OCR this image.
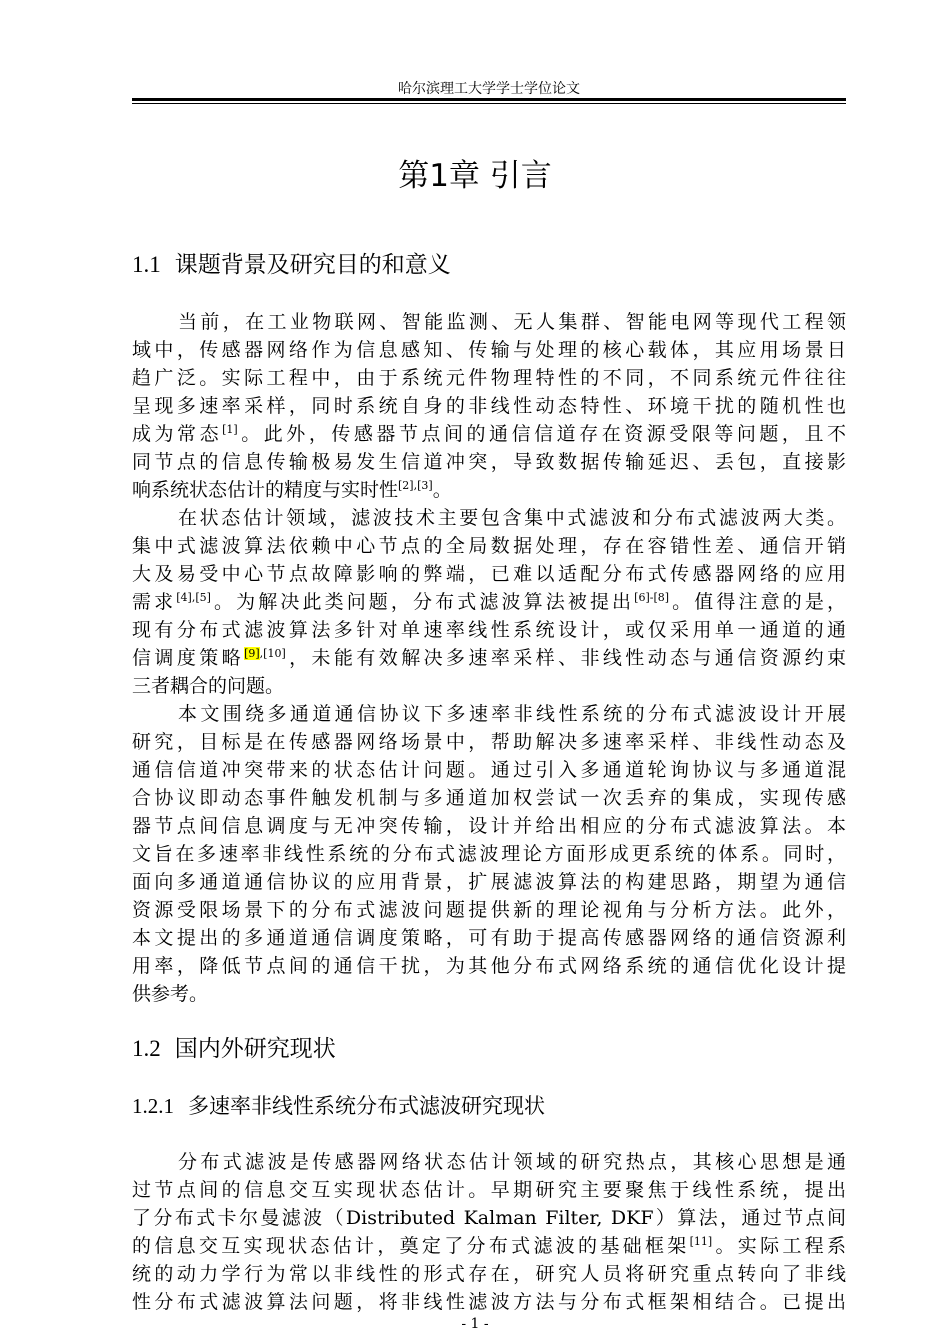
哈尔滨理工大学学士学位论文
第1章 引言
1.1 课题背景及研究目的和意义
当前，在工业物联网、智能监测、无人集群、智能电网等现代工程领
域中，传感器网络作为信息感知、传输与处理的核心载体，其应用场景日
趋广泛。实际工程中，由于系统元件物理特性的不同，不同系统元件往往
呈现多速率采样，同时系统自身的非线性动态特性、环境干扰的随机性也
成为常态[1]。此外，传感器节点间的通信信道存在资源受限等问题，且不
同节点的信息传输极易发生信道冲突，导致数据传输延迟、丢包，直接影
响系统状态估计的精度与实时性[2],[3]。
在状态估计领域，滤波技术主要包含集中式滤波和分布式滤波两大类。
集中式滤波算法依赖中心节点的全局数据处理，存在容错性差、通信开销
大及易受中心节点故障影响的弊端，已难以适配分布式传感器网络的应用
需求[4],[5]。为解决此类问题，分布式滤波算法被提出[6]-[8]。值得注意的是，
现有分布式滤波算法多针对单速率线性系统设计，或仅采用单一通道的通
信调度策略[9],[10]，未能有效解决多速率采样、非线性动态与通信资源约束
三者耦合的问题。
本文围绕多通道通信协议下多速率非线性系统的分布式滤波设计开展
研究，目标是在传感器网络场景中，帮助解决多速率采样、非线性动态及
通信信道冲突带来的状态估计问题。通过引入多通道轮询协议与多通道混
合协议即动态事件触发机制与多通道加权尝试一次丢弃的集成，实现传感
器节点间信息调度与无冲突传输，设计并给出相应的分布式滤波算法。本
文旨在多速率非线性系统的分布式滤波理论方面形成更系统的体系。同时，
面向多通道通信协议的应用背景，扩展滤波算法的构建思路，期望为通信
资源受限场景下的分布式滤波问题提供新的理论视角与分析方法。此外，
本文提出的多通道通信调度策略，可有助于提高传感器网络的通信资源利
用率，降低节点间的通信干扰，为其他分布式网络系统的通信优化设计提
供参考。
1.2 国内外研究现状
1.2.1 多速率非线性系统分布式滤波研究现状
分布式滤波是传感器网络状态估计领域的研究热点，其核心思想是通
过节点间的信息交互实现状态估计。早期研究主要聚焦于线性系统，提出
了分布式卡尔曼滤波（Distributed Kalman Filter, DKF）算法，通过节点间
的信息交互实现状态估计，奠定了分布式滤波的基础框架[11]。实际工程系
统的动力学行为常以非线性的形式存在，研究人员将研究重点转向了非线
性分布式滤波算法问题，将非线性滤波方法与分布式框架相结合。已提出
- 1 -
